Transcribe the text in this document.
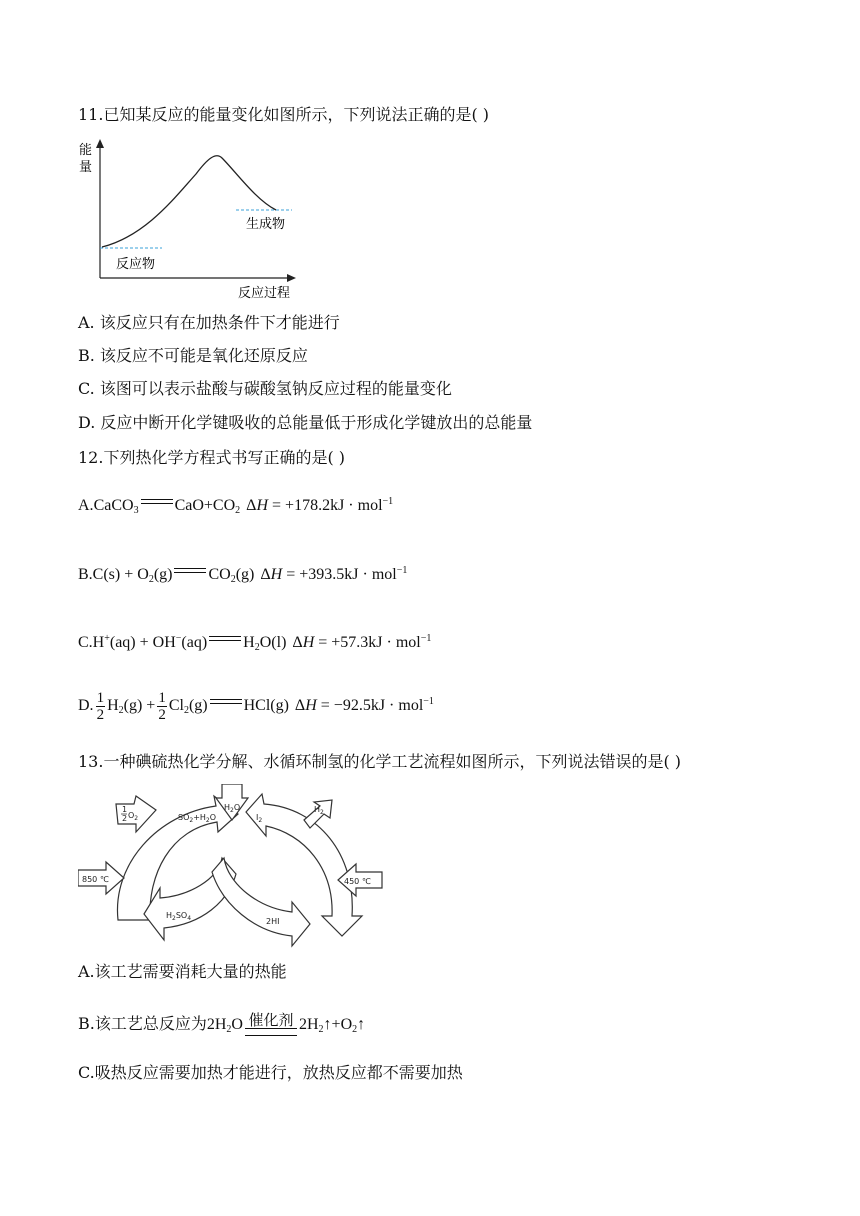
11.已知某反应的能量变化如图所示，下列说法正确的是( )
能
量
反应过程
反应物
生成物
A. 该反应只有在加热条件下才能进行
B. 该反应不可能是氧化还原反应
C. 该图可以表示盐酸与碳酸氢钠反应过程的能量变化
D. 反应中断开化学键吸收的总能量低于形成化学键放出的总能量
12.下列热化学方程式书写正确的是( )
A.CaCO$_3$ $CaO+CO_2$ ΔH = +178.2kJ · mol$^{-1}$
$B.C(s) + O_2(g)$ $CO_2(g) \Delta H = +393.5kJ \cdot mol^{-1}$
C.H+(aq) + OH−(aq) $H_2O(l) \Delta H = +57.3kJ \cdot mol^{-1}$
D. $\frac{1}{2} H_2(g) + \frac{1}{2} Cl_2(g)$ HCl(g) ΔH = −92.5kJ · mol$^{-1}$
13.一种碘硫热化学分解、水循环制氢的化学工艺流程如图所示，下列说法错误的是( )
1
2 $O_2$	$SO_2+H_2O$
$H_2O$
$I_2$
$H_2$
850 ℃	450 ℃
$H_2SO_4$	2HI
A.该工艺需要消耗大量的热能
B.该工艺总反应为$2H_2O$ 催化剂 $2H_2↑+O_2↑$
C.吸热反应需要加热才能进行，放热反应都不需要加热
